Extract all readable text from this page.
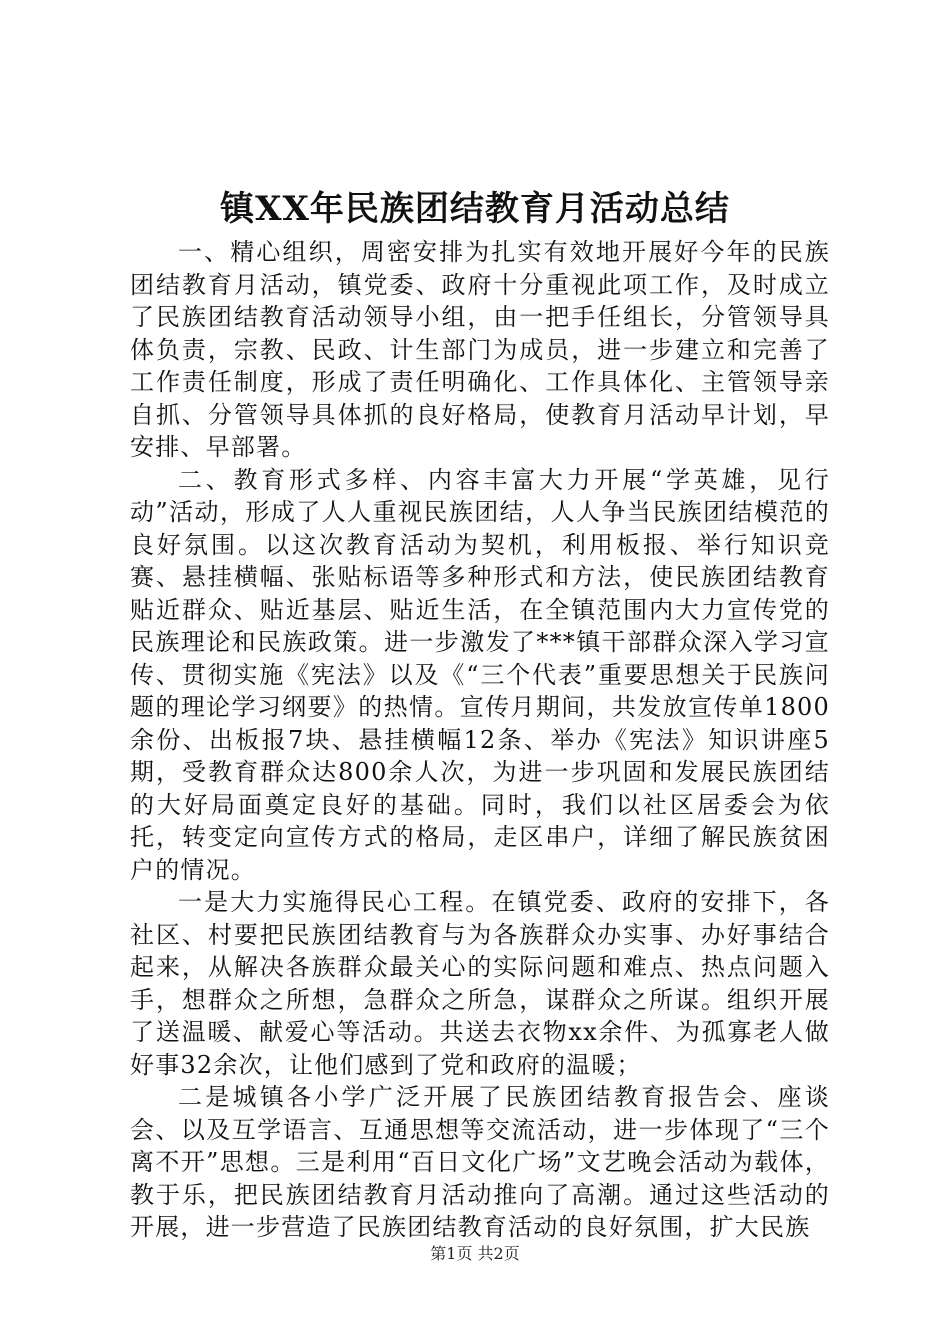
镇XX年民族团结教育月活动总结

一、精心组织，周密安排为扎实有效地开展好今年的民族团结教育月活动，镇党委、政府十分重视此项工作，及时成立了民族团结教育活动领导小组，由一把手任组长，分管领导具体负责，宗教、民政、计生部门为成员，进一步建立和完善了工作责任制度，形成了责任明确化、工作具体化、主管领导亲自抓、分管领导具体抓的良好格局，使教育月活动早计划，早安排、早部署。

二、教育形式多样、内容丰富大力开展“学英雄，见行动”活动，形成了人人重视民族团结，人人争当民族团结模范的良好氛围。以这次教育活动为契机，利用板报、举行知识竞赛、悬挂横幅、张贴标语等多种形式和方法，使民族团结教育贴近群众、贴近基层、贴近生活，在全镇范围内大力宣传党的民族理论和民族政策。进一步激发了***镇干部群众深入学习宣传、贯彻实施《宪法》以及《“三个代表”重要思想关于民族问题的理论学习纲要》的热情。宣传月期间，共发放宣传单1800余份、出板报7块、悬挂横幅12条、举办《宪法》知识讲座5期，受教育群众达800余人次，为进一步巩固和发展民族团结的大好局面奠定良好的基础。同时，我们以社区居委会为依托，转变定向宣传方式的格局，走区串户，详细了解民族贫困户的情况。

一是大力实施得民心工程。在镇党委、政府的安排下，各社区、村要把民族团结教育与为各族群众办实事、办好事结合起来，从解决各族群众最关心的实际问题和难点、热点问题入手，想群众之所想，急群众之所急，谋群众之所谋。组织开展了送温暖、献爱心等活动。共送去衣物xx余件、为孤寡老人做好事32余次，让他们感到了党和政府的温暖；

二是城镇各小学广泛开展了民族团结教育报告会、座谈会、以及互学语言、互通思想等交流活动，进一步体现了“三个离不开”思想。三是利用“百日文化广场”文艺晚会活动为载体，教于乐，把民族团结教育月活动推向了高潮。通过这些活动的开展，进一步营造了民族团结教育活动的良好氛围，扩大民族

第1页 共2页
